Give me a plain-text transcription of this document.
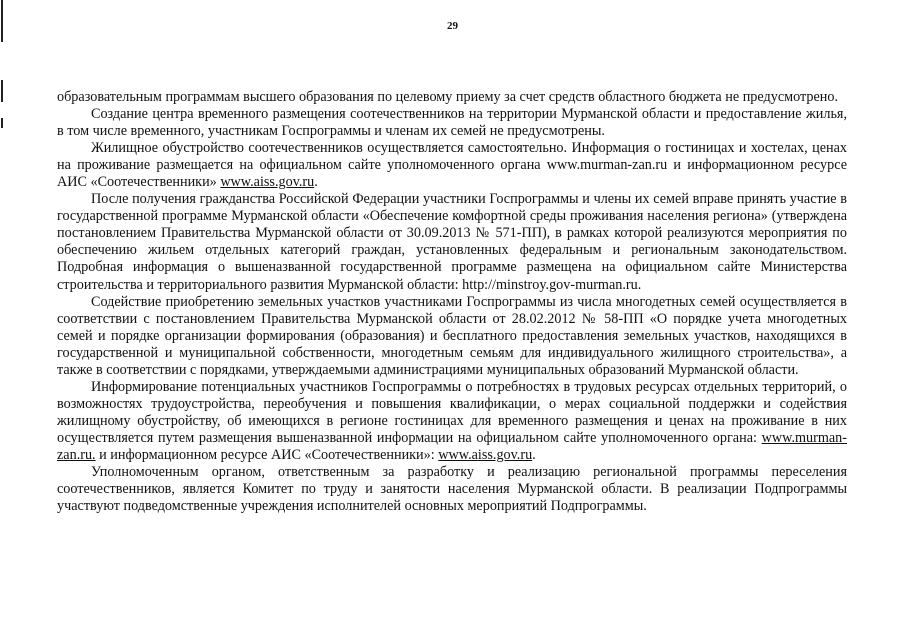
29

образовательным программам высшего образования по целевому приему за счет средств областного бюджета не предусмотрено.

Создание центра временного размещения соотечественников на территории Мурманской области и предоставление жилья, в том числе временного, участникам Госпрограммы и членам их семей не предусмотрены.

Жилищное обустройство соотечественников осуществляется самостоятельно. Информация о гостиницах и хостелах, ценах на проживание размещается на официальном сайте уполномоченного органа www.murman-zan.ru и информационном ресурсе АИС «Соотечественники» www.aiss.gov.ru.

После получения гражданства Российской Федерации участники Госпрограммы и члены их семей вправе принять участие в государственной программе Мурманской области «Обеспечение комфортной среды проживания населения региона» (утверждена постановлением Правительства Мурманской области от 30.09.2013 № 571-ПП), в рамках которой реализуются мероприятия по обеспечению жильем отдельных категорий граждан, установленных федеральным и региональным законодательством. Подробная информация о вышеназванной государственной программе размещена на официальном сайте Министерства строительства и территориального развития Мурманской области: http://minstroy.gov-murman.ru.

Содействие приобретению земельных участков участниками Госпрограммы из числа многодетных семей осуществляется в соответствии с постановлением Правительства Мурманской области от 28.02.2012 № 58-ПП «О порядке учета многодетных семей и порядке организации формирования (образования) и бесплатного предоставления земельных участков, находящихся в государственной и муниципальной собственности, многодетным семьям для индивидуального жилищного строительства», а также в соответствии с порядками, утверждаемыми администрациями муниципальных образований Мурманской области.

Информирование потенциальных участников Госпрограммы о потребностях в трудовых ресурсах отдельных территорий, о возможностях трудоустройства, переобучения и повышения квалификации, о мерах социальной поддержки и содействия жилищному обустройству, об имеющихся в регионе гостиницах для временного размещения и ценах на проживание в них осуществляется путем размещения вышеназванной информации на официальном сайте уполномоченного органа: www.murman-zan.ru. и информационном ресурсе АИС «Соотечественники»: www.aiss.gov.ru.

Уполномоченным органом, ответственным за разработку и реализацию региональной программы переселения соотечественников, является Комитет по труду и занятости населения Мурманской области. В реализации Подпрограммы участвуют подведомственные учреждения исполнителей основных мероприятий Подпрограммы.
